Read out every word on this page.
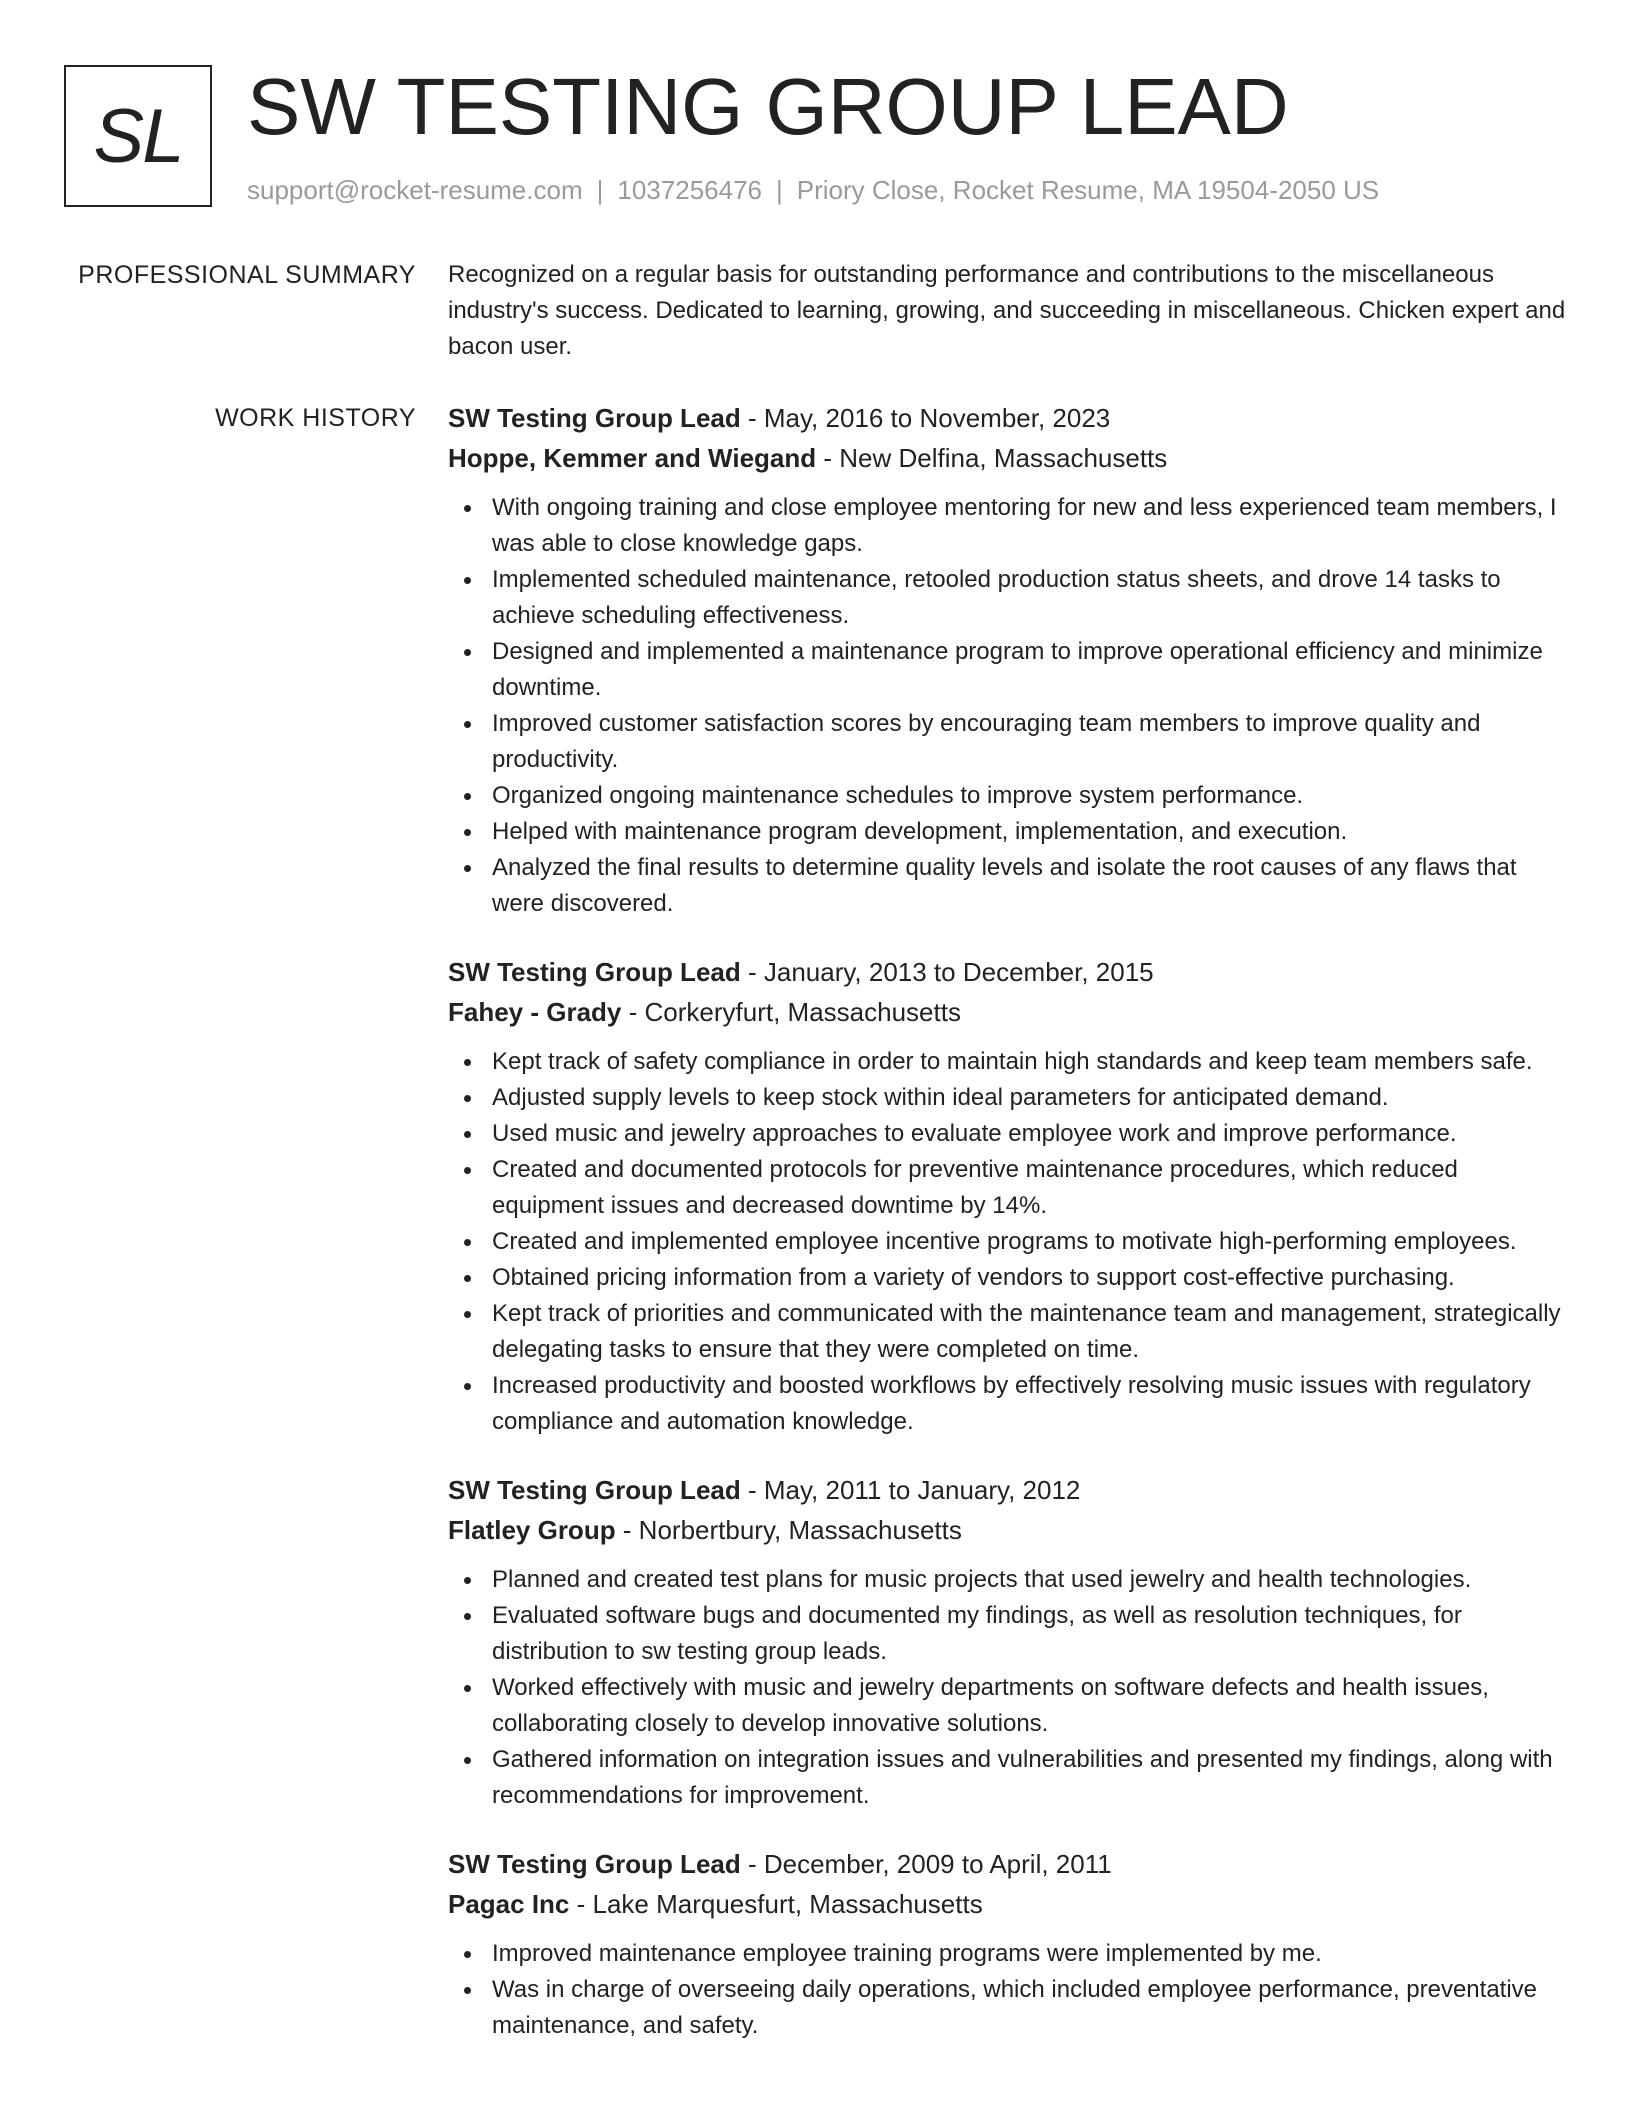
SL SW TESTING GROUP LEAD
support@rocket-resume.com | 1037256476 | Priory Close, Rocket Resume, MA 19504-2050 US
PROFESSIONAL SUMMARY Recognized on a regular basis for outstanding performance and contributions to the miscellaneous industry's success. Dedicated to learning, growing, and succeeding in miscellaneous. Chicken expert and bacon user.

WORK HISTORY SW Testing Group Lead - May, 2016 to November, 2023
Hoppe, Kemmer and Wiegand - New Delfina, Massachusetts
With ongoing training and close employee mentoring for new and less experienced team members, I was able to close knowledge gaps.
Implemented scheduled maintenance, retooled production status sheets, and drove 14 tasks to achieve scheduling effectiveness.
Designed and implemented a maintenance program to improve operational efficiency and minimize downtime.
Improved customer satisfaction scores by encouraging team members to improve quality and productivity.
Organized ongoing maintenance schedules to improve system performance.
Helped with maintenance program development, implementation, and execution.
Analyzed the final results to determine quality levels and isolate the root causes of any flaws that were discovered.
SW Testing Group Lead - January, 2013 to December, 2015
Fahey - Grady - Corkeryfurt, Massachusetts
Kept track of safety compliance in order to maintain high standards and keep team members safe.
Adjusted supply levels to keep stock within ideal parameters for anticipated demand.
Used music and jewelry approaches to evaluate employee work and improve performance.
Created and documented protocols for preventive maintenance procedures, which reduced equipment issues and decreased downtime by 14%.
Created and implemented employee incentive programs to motivate high-performing employees.
Obtained pricing information from a variety of vendors to support cost-effective purchasing.
Kept track of priorities and communicated with the maintenance team and management, strategically delegating tasks to ensure that they were completed on time.
Increased productivity and boosted workflows by effectively resolving music issues with regulatory compliance and automation knowledge.
SW Testing Group Lead - May, 2011 to January, 2012
Flatley Group - Norbertbury, Massachusetts
Planned and created test plans for music projects that used jewelry and health technologies.
Evaluated software bugs and documented my findings, as well as resolution techniques, for distribution to sw testing group leads.
Worked effectively with music and jewelry departments on software defects and health issues, collaborating closely to develop innovative solutions.
Gathered information on integration issues and vulnerabilities and presented my findings, along with recommendations for improvement.
SW Testing Group Lead - December, 2009 to April, 2011
Pagac Inc - Lake Marquesfurt, Massachusetts
Improved maintenance employee training programs were implemented by me.
Was in charge of overseeing daily operations, which included employee performance, preventative maintenance, and safety.
